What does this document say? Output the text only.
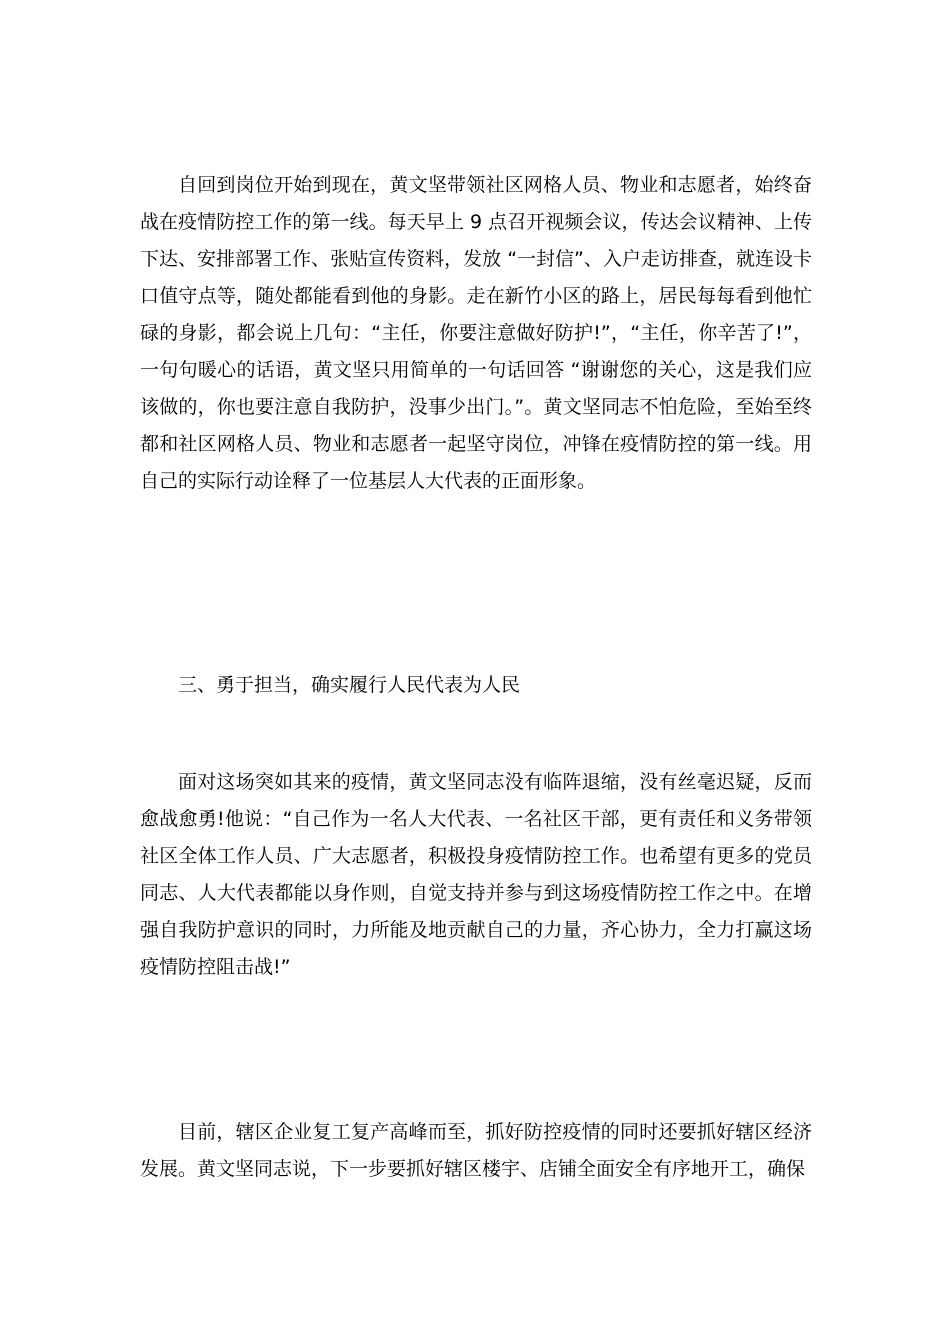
自回到岗位开始到现在，黄文坚带领社区网格人员、物业和志愿者，始终奋战在疫情防控工作的第一线。每天早上 9 点召开视频会议，传达会议精神、上传下达、安排部署工作、张贴宣传资料，发放 “一封信”、入户走访排查，就连设卡口值守点等，随处都能看到他的身影。走在新竹小区的路上，居民每每看到他忙碌的身影，都会说上几句：“主任，你要注意做好防护!”，“主任，你辛苦了!”，一句句暖心的话语，黄文坚只用简单的一句话回答 “谢谢您的关心，这是我们应该做的，你也要注意自我防护，没事少出门。”。黄文坚同志不怕危险，至始至终都和社区网格人员、物业和志愿者一起坚守岗位，冲锋在疫情防控的第一线。用自己的实际行动诠释了一位基层人大代表的正面形象。

三、勇于担当，确实履行人民代表为人民

面对这场突如其来的疫情，黄文坚同志没有临阵退缩，没有丝毫迟疑，反而愈战愈勇!他说：“自己作为一名人大代表、一名社区干部，更有责任和义务带领社区全体工作人员、广大志愿者，积极投身疫情防控工作。也希望有更多的党员同志、人大代表都能以身作则，自觉支持并参与到这场疫情防控工作之中。在增强自我防护意识的同时，力所能及地贡献自己的力量，齐心协力，全力打赢这场疫情防控阻击战!”

目前，辖区企业复工复产高峰而至，抓好防控疫情的同时还要抓好辖区经济发展。黄文坚同志说，下一步要抓好辖区楼宇、店铺全面安全有序地开工，确保
